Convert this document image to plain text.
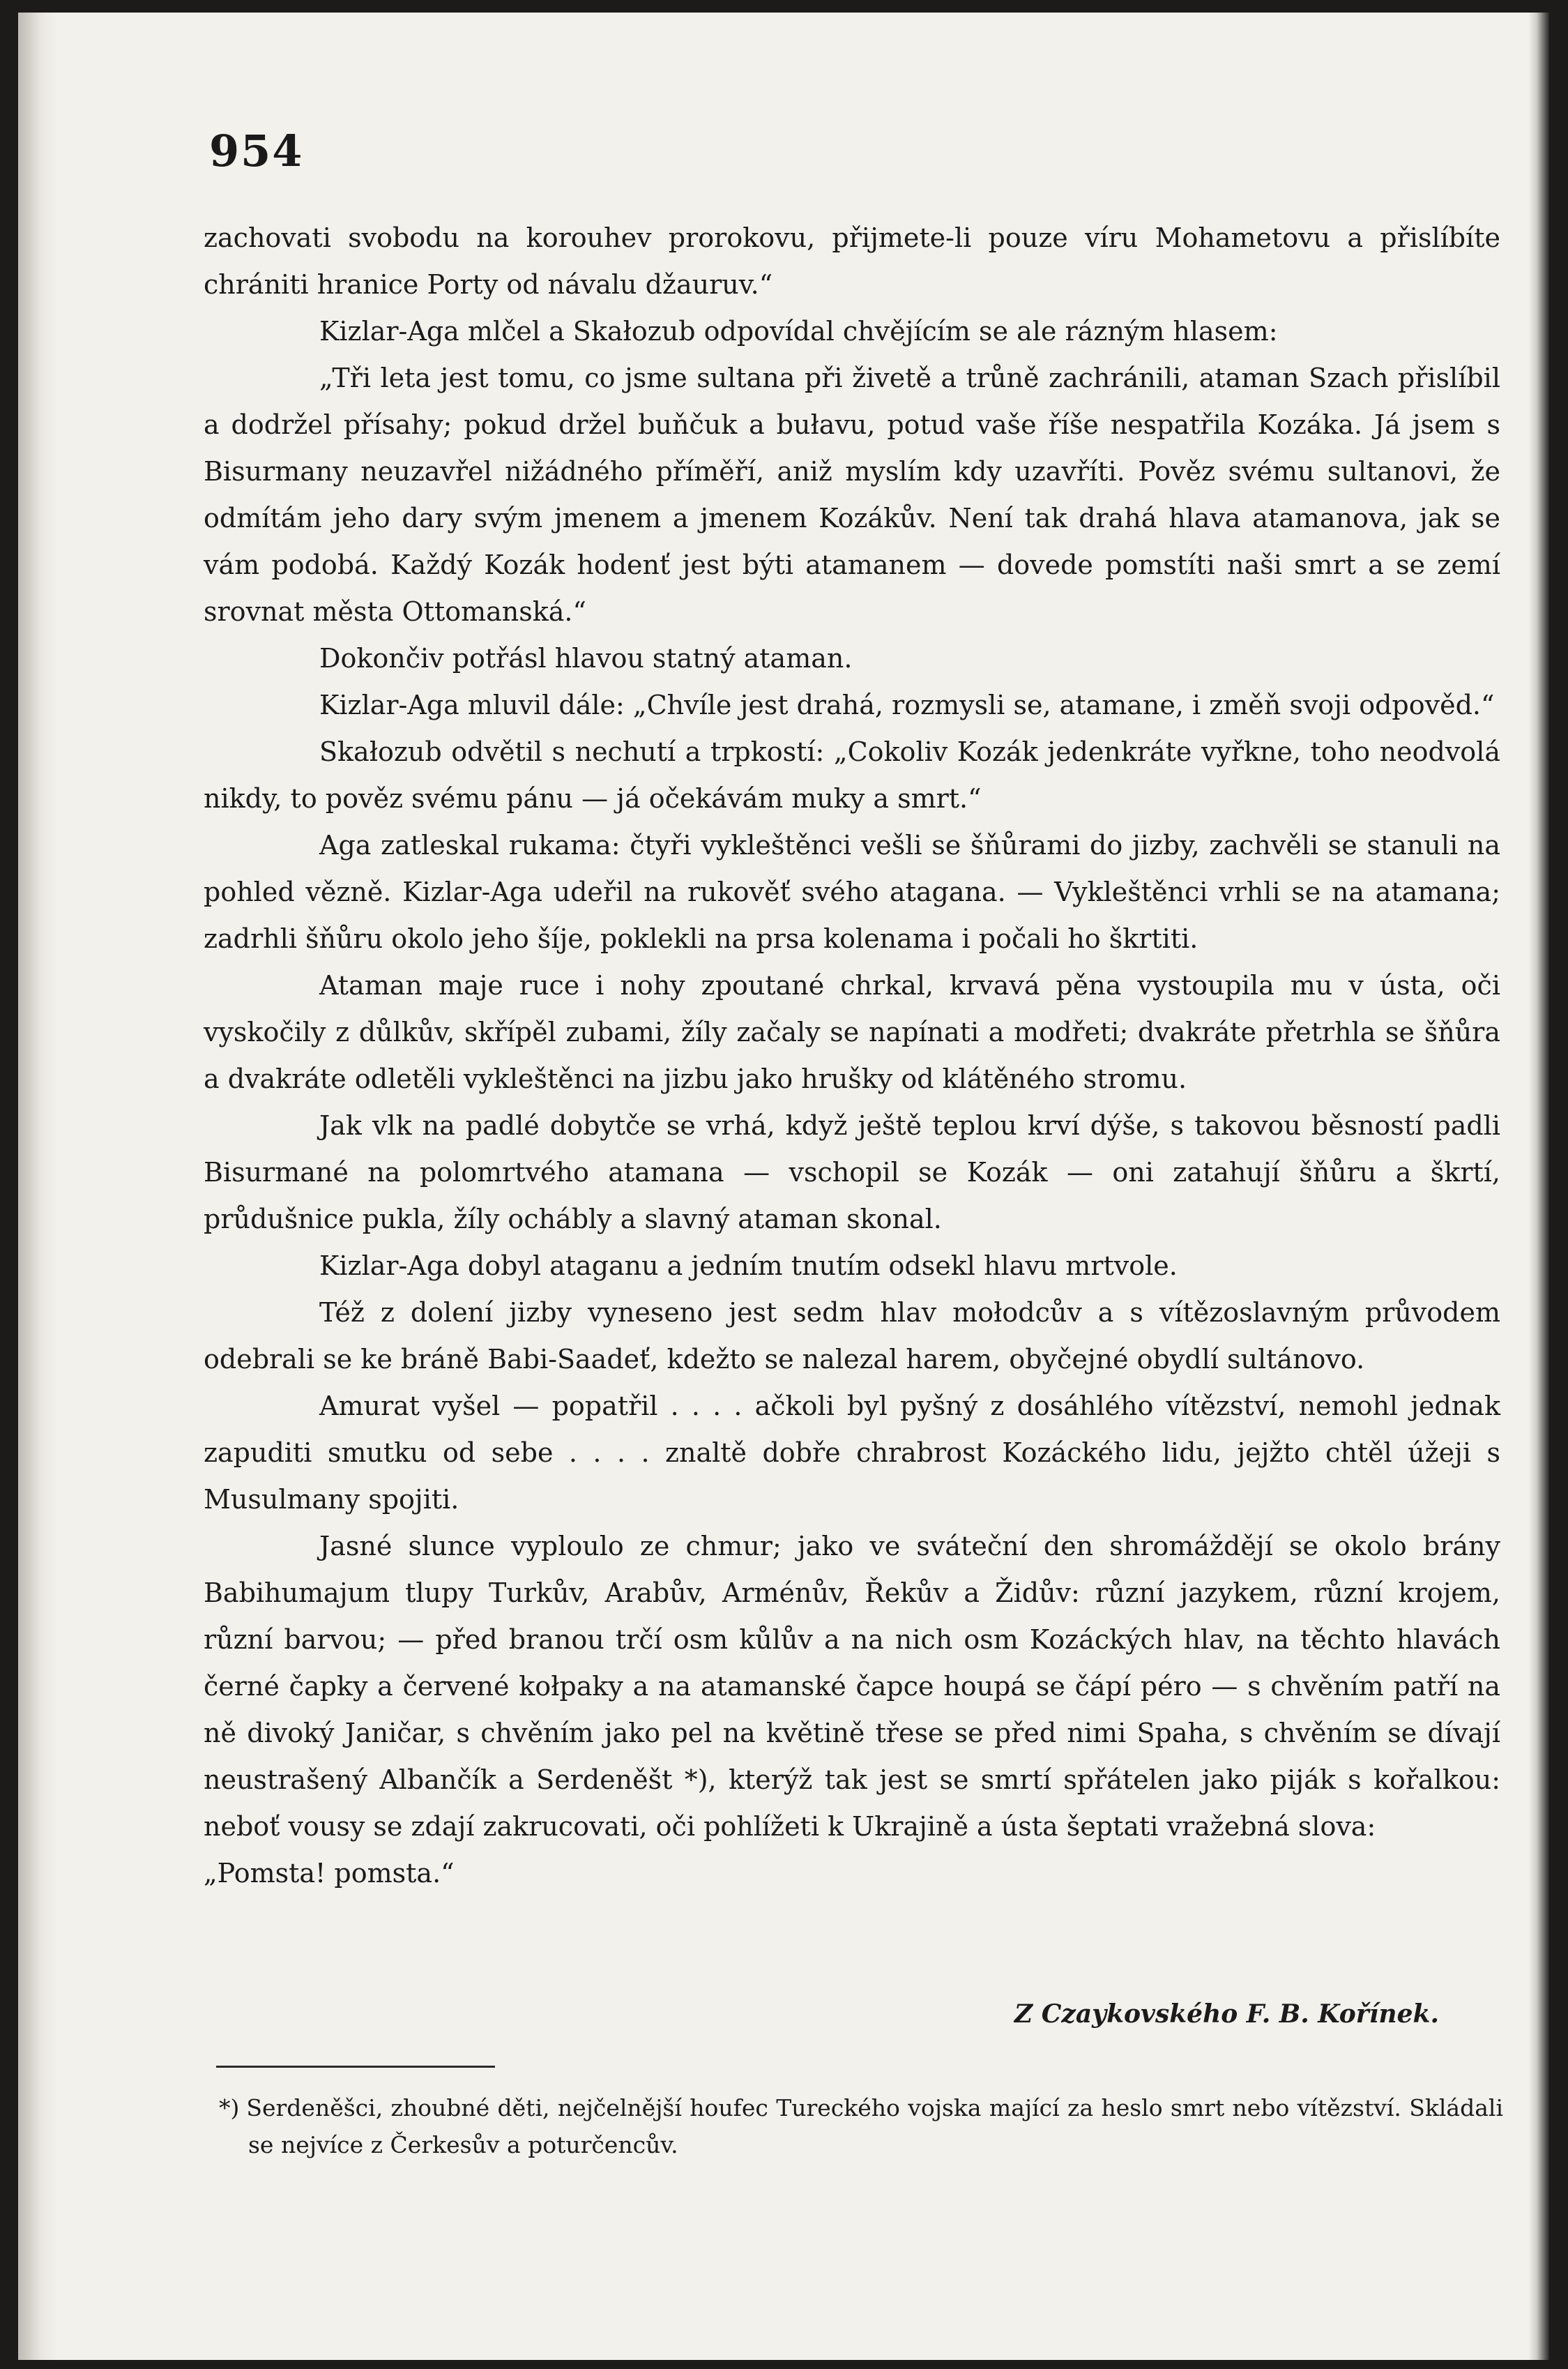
954

zachovati svobodu na korouhev prorokovu, přijmete-li pouze víru Mohametovu a přislíbíte chrániti hranice Porty od návalu džauruv.“

Kizlar-Aga mlčel a Skałozub odpovídal chvějícím se ale rázným hlasem:

„Tři leta jest tomu, co jsme sultana při živetě a trůně zachránili, ataman Szach přislíbil a dodržel přísahy; pokud držel buňčuk a bułavu, potud vaše říše nespatřila Kozáka. Já jsem s Bisurmany neuzavřel nižádného příměří, aniž myslím kdy uzavříti. Pověz svému sultanovi, že odmítám jeho dary svým jmenem a jmenem Kozákův. Není tak drahá hlava atamanova, jak se vám podobá. Každý Kozák hodenť jest býti atamanem — dovede pomstíti naši smrt a se zemí srovnat města Ottomanská.“

Dokončiv potřásl hlavou statný ataman.

Kizlar-Aga mluvil dále: „Chvíle jest drahá, rozmysli se, atamane, i změň svoji odpověd.“

Skałozub odvětil s nechutí a trpkostí: „Cokoliv Kozák jedenkráte vyřkne, toho neodvolá nikdy, to pověz svému pánu — já očekávám muky a smrt.“

Aga zatleskal rukama: čtyři vykleštěnci vešli se šňůrami do jizby, zachvěli se stanuli na pohled vězně. Kizlar-Aga udeřil na rukověť svého atagana. — Vykleštěnci vrhli se na atamana; zadrhli šňůru okolo jeho šíje, poklekli na prsa kolenama i počali ho škrtiti.

Ataman maje ruce i nohy zpoutané chrkal, krvavá pěna vystoupila mu v ústa, oči vyskočily z důlkův, skřípěl zubami, žíly začaly se napínati a modřeti; dvakráte přetrhla se šňůra a dvakráte odletěli vykleštěnci na jizbu jako hrušky od klátěného stromu.

Jak vlk na padlé dobytče se vrhá, když ještě teplou krví dýše, s takovou běsností padli Bisurmané na polomrtvého atamana — vschopil se Kozák — oni zatahují šňůru a škrtí, průdušnice pukla, žíly ochábly a slavný ataman skonal.

Kizlar-Aga dobyl ataganu a jedním tnutím odsekl hlavu mrtvole.

Též z dolení jizby vyneseno jest sedm hlav mołodcův a s vítězoslavným průvodem odebrali se ke bráně Babi-Saadeť, kdežto se nalezal harem, obyčejné obydlí sultánovo.

Amurat vyšel — popatřil . . . . ačkoli byl pyšný z dosáhlého vítězství, nemohl jednak zapuditi smutku od sebe . . . . znaltě dobře chrabrost Kozáckého lidu, jejžto chtěl úžeji s Musulmany spojiti.

Jasné slunce vyploulo ze chmur; jako ve sváteční den shromáždějí se okolo brány Babihumajum tlupy Turkův, Arabův, Arménův, Řekův a Židův: různí jazykem, různí krojem, různí barvou; — před branou trčí osm kůlův a na nich osm Kozáckých hlav, na těchto hlavách černé čapky a červené kołpaky a na atamanské čapce houpá se čápí péro — s chvěním patří na ně divoký Janičar, s chvěním jako pel na květině třese se před nimi Spaha, s chvěním se dívají neustrašený Albančík a Serdeněšt *), kterýž tak jest se smrtí spřátelen jako piják s kořalkou: neboť vousy se zdají zakrucovati, oči pohlížeti k Ukrajině a ústa šeptati vražebná slova:

„Pomsta! pomsta.“

Z Czaykovského F. B. Kořínek.
*) Serdeněšci, zhoubné děti, nejčelnější houfec Tureckého vojska mající za heslo smrt nebo vítězství. Skládali se nejvíce z Čerkesův a poturčencův.
